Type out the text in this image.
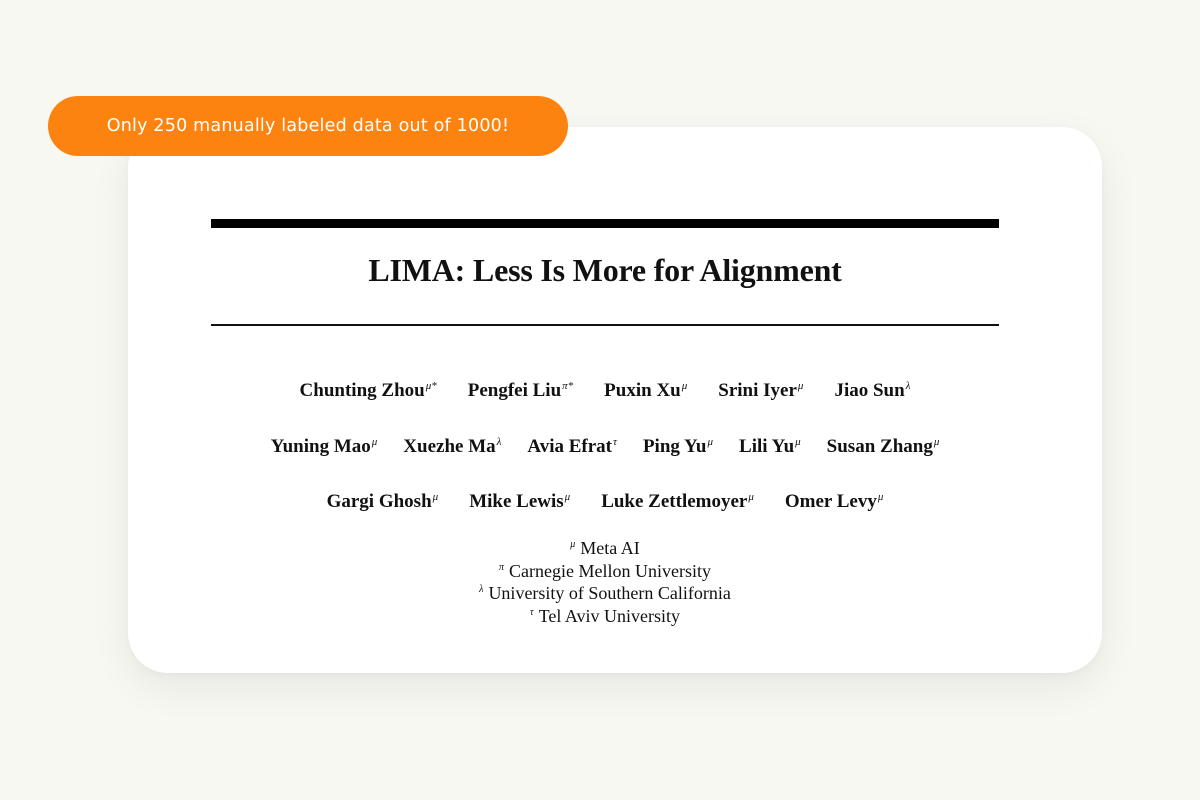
LIMA: Less Is More for Alignment
Chunting Zhou$^{\mu*}$ Pengfei Liu$^{\pi*}$ Puxin $Xu^\mu$ Srini Iyer$^\mu$ Jiao Sun$^\lambda$
Yuning Mao$^\mu$ Xuezhe $Ma^\lambda$ Avia Efrat$^\tau$ Ping $Yu^\mu$ Lili $Yu^\mu$ Susan Zhang$^\mu$
Gargi Ghosh$^\mu$ Mike Lewis$^\mu$ Luke Zettlemoyer$^\mu$ Omer Levy$^\mu$
$^\mu$ Meta AI
$^\pi$ Carnegie Mellon University
$^\lambda$ University of Southern California
$^\tau$ Tel Aviv University
Only 250 manually labeled data out of 1000!
